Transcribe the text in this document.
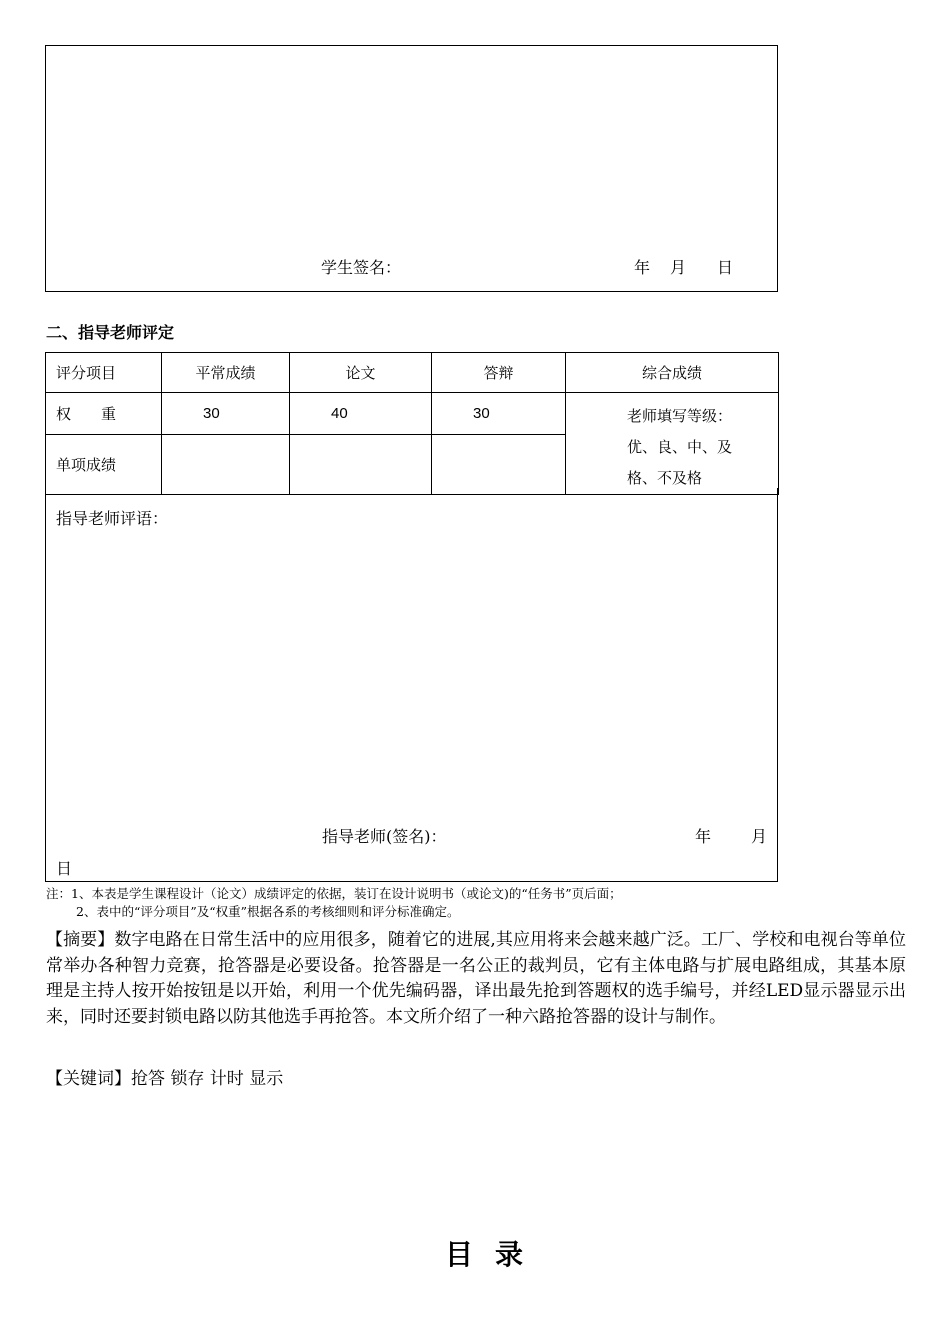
学生签名：	年 月 日
二、指导老师评定
评分项目	平常成绩	论文	答辩	综合成绩
权　　重	30	40	30	老师填写等级：
优、良、中、及
格、不及格

单项成绩				
指导老师评语：
指导老师(签名)：	年 月
日
注：1、本表是学生课程设计（论文）成绩评定的依据，装订在设计说明书（或论文)的“任务书”页后面；
2、表中的“评分项目”及“权重”根据各系的考核细则和评分标准确定。
【摘要】数字电路在日常生活中的应用很多，随着它的进展,其应用将来会越来越广泛。工厂、学校和电视台等单位常举办各种智力竞赛，抢答器是必要设备。抢答器是一名公正的裁判员，它有主体电路与扩展电路组成，其基本原理是主持人按开始按钮是以开始，利用一个优先编码器，译出最先抢到答题权的选手编号，并经LED显示器显示出来，同时还要封锁电路以防其他选手再抢答。本文所介绍了一种六路抢答器的设计与制作。
【关键词】抢答 锁存 计时 显示
目录
